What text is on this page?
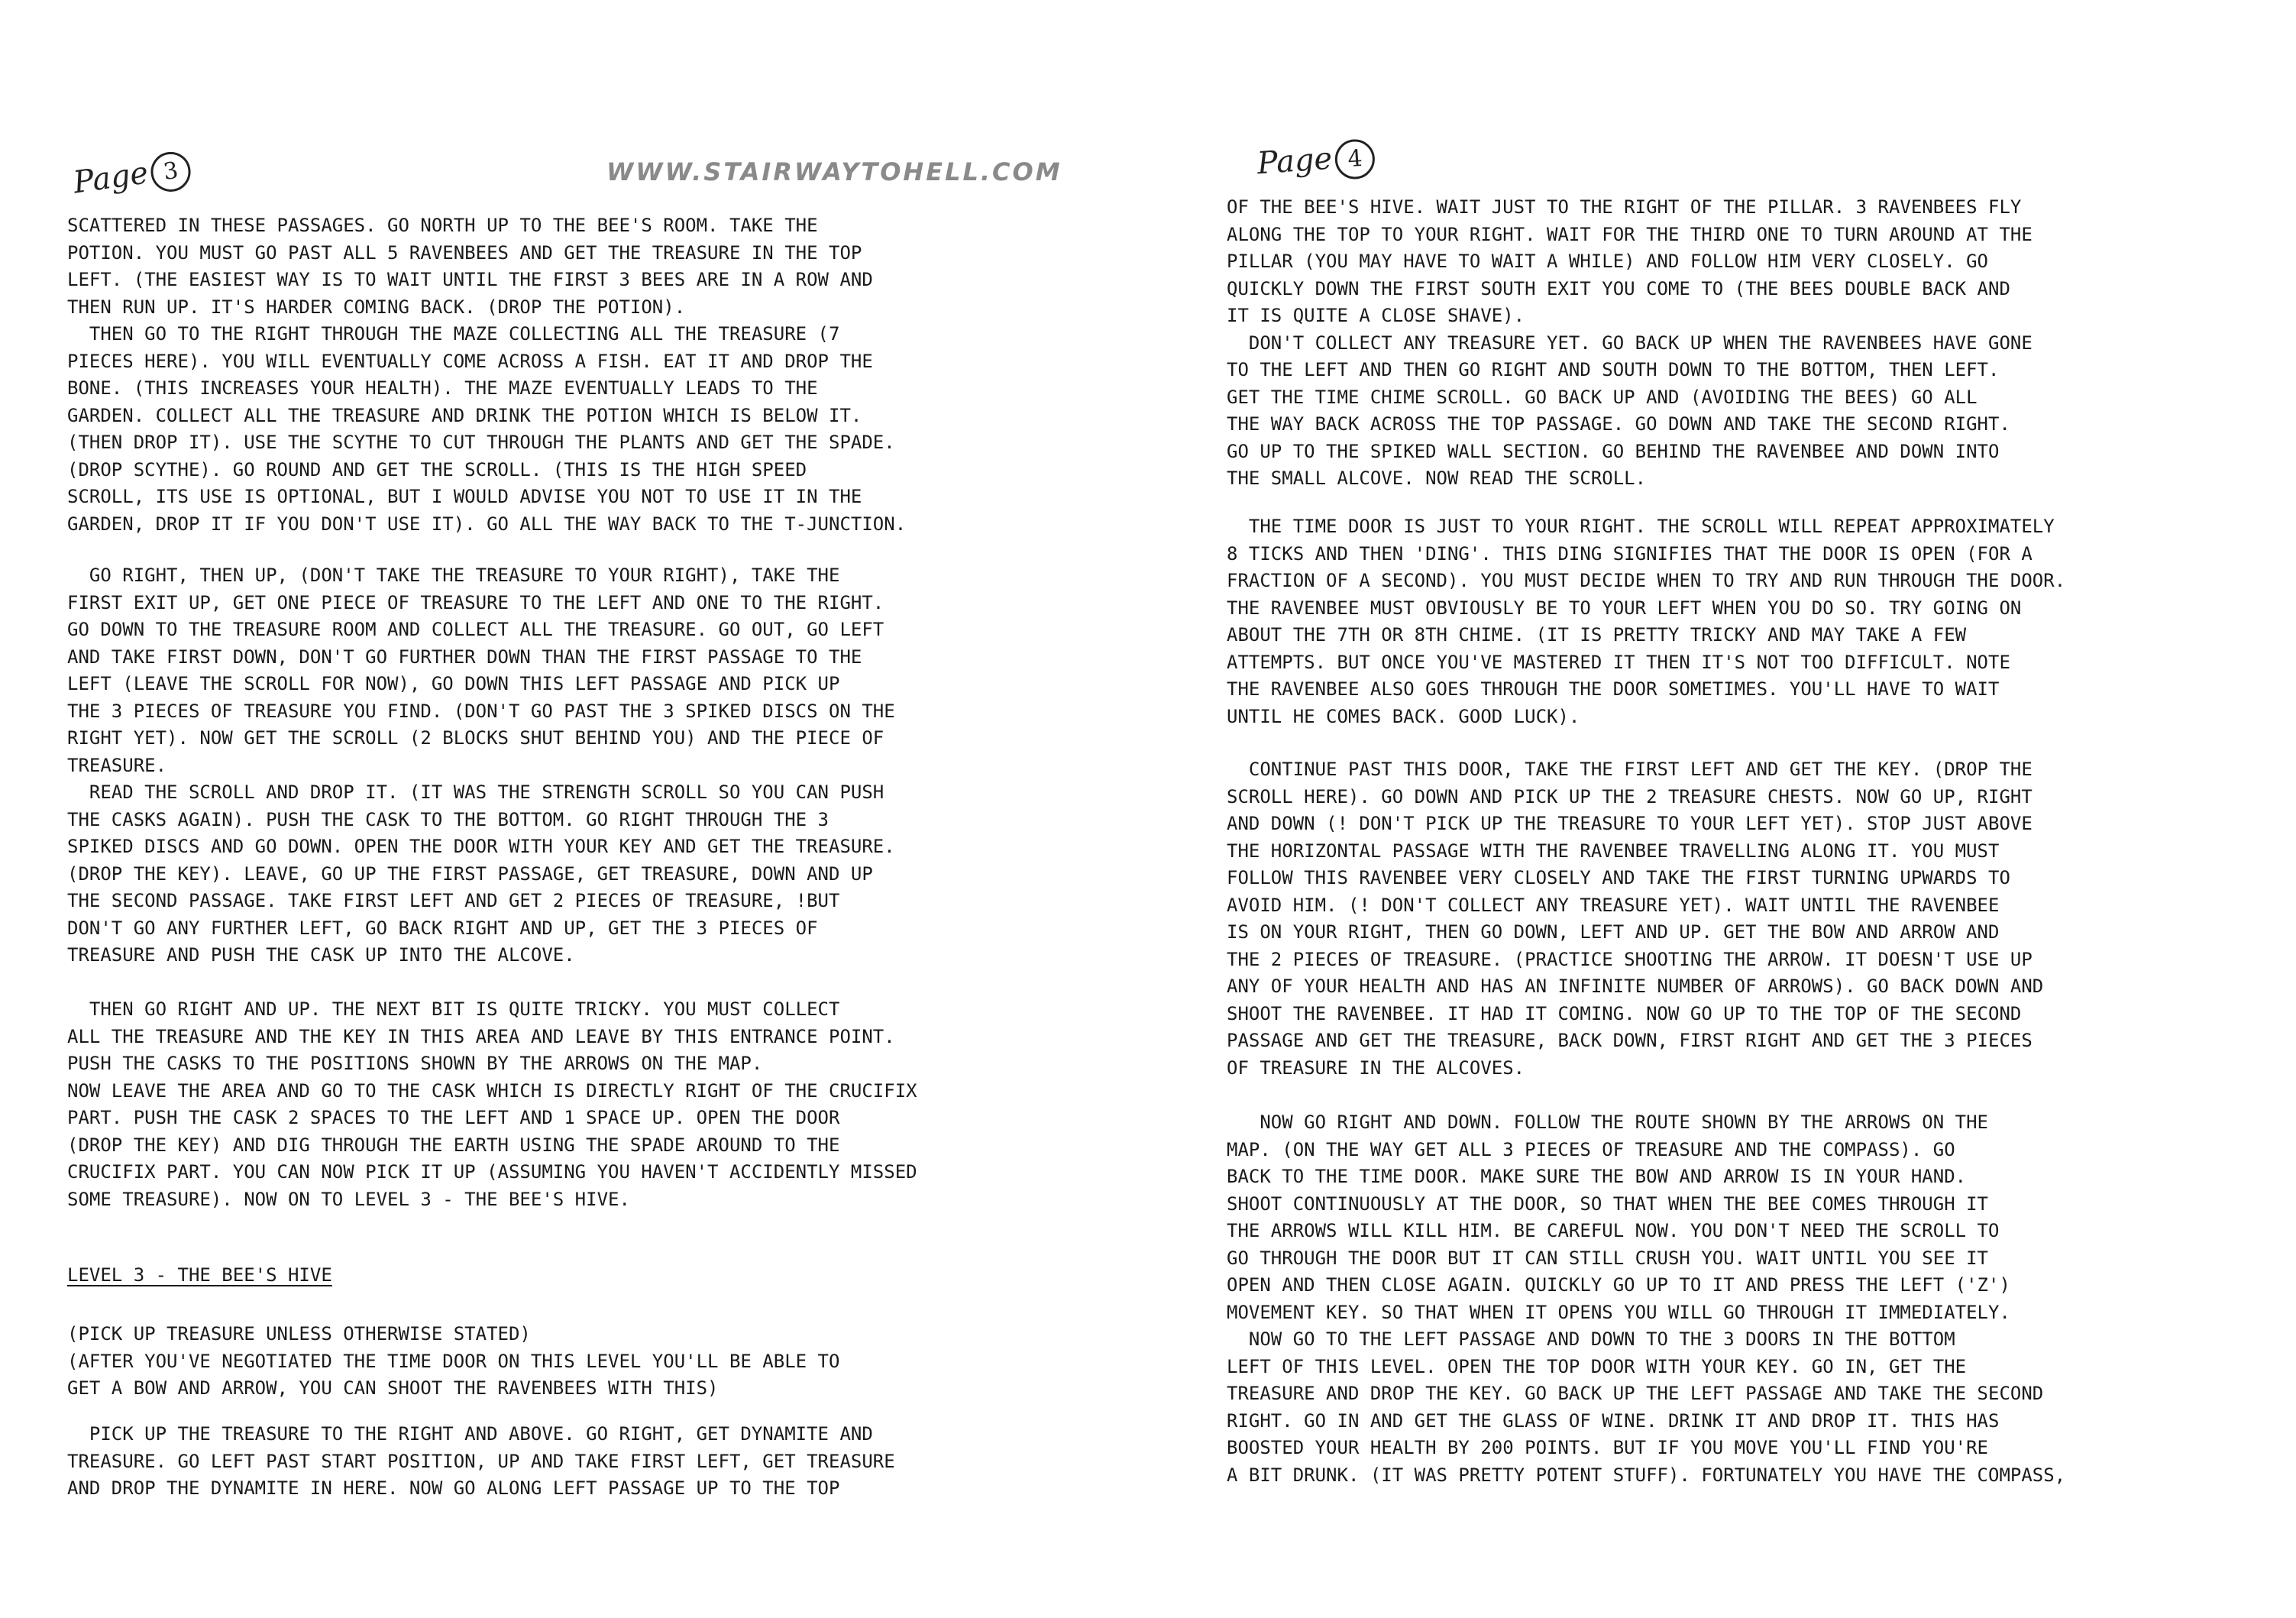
Page 3	WWW.STAIRWAYTOHELL.COM
SCATTERED IN THESE PASSAGES. GO NORTH UP TO THE BEE'S ROOM. TAKE THE
POTION. YOU MUST GO PAST ALL 5 RAVENBEES AND GET THE TREASURE IN THE TOP
LEFT. (THE EASIEST WAY IS TO WAIT UNTIL THE FIRST 3 BEES ARE IN A ROW AND
THEN RUN UP. IT'S HARDER COMING BACK. (DROP THE POTION).
THEN GO TO THE RIGHT THROUGH THE MAZE COLLECTING ALL THE TREASURE (7
PIECES HERE). YOU WILL EVENTUALLY COME ACROSS A FISH. EAT IT AND DROP THE
BONE. (THIS INCREASES YOUR HEALTH). THE MAZE EVENTUALLY LEADS TO THE
GARDEN. COLLECT ALL THE TREASURE AND DRINK THE POTION WHICH IS BELOW IT.
(THEN DROP IT). USE THE SCYTHE TO CUT THROUGH THE PLANTS AND GET THE SPADE.
(DROP SCYTHE). GO ROUND AND GET THE SCROLL. (THIS IS THE HIGH SPEED
SCROLL, ITS USE IS OPTIONAL, BUT I WOULD ADVISE YOU NOT TO USE IT IN THE
GARDEN, DROP IT IF YOU DON'T USE IT). GO ALL THE WAY BACK TO THE T-JUNCTION.
GO RIGHT, THEN UP, (DON'T TAKE THE TREASURE TO YOUR RIGHT), TAKE THE
FIRST EXIT UP, GET ONE PIECE OF TREASURE TO THE LEFT AND ONE TO THE RIGHT.
GO DOWN TO THE TREASURE ROOM AND COLLECT ALL THE TREASURE. GO OUT, GO LEFT
AND TAKE FIRST DOWN, DON'T GO FURTHER DOWN THAN THE FIRST PASSAGE TO THE
LEFT (LEAVE THE SCROLL FOR NOW), GO DOWN THIS LEFT PASSAGE AND PICK UP
THE 3 PIECES OF TREASURE YOU FIND. (DON'T GO PAST THE 3 SPIKED DISCS ON THE
RIGHT YET). NOW GET THE SCROLL (2 BLOCKS SHUT BEHIND YOU) AND THE PIECE OF
TREASURE.
READ THE SCROLL AND DROP IT. (IT WAS THE STRENGTH SCROLL SO YOU CAN PUSH
THE CASKS AGAIN). PUSH THE CASK TO THE BOTTOM. GO RIGHT THROUGH THE 3
SPIKED DISCS AND GO DOWN. OPEN THE DOOR WITH YOUR KEY AND GET THE TREASURE.
(DROP THE KEY). LEAVE, GO UP THE FIRST PASSAGE, GET TREASURE, DOWN AND UP
THE SECOND PASSAGE. TAKE FIRST LEFT AND GET 2 PIECES OF TREASURE, !BUT
DON'T GO ANY FURTHER LEFT, GO BACK RIGHT AND UP, GET THE 3 PIECES OF
TREASURE AND PUSH THE CASK UP INTO THE ALCOVE.
THEN GO RIGHT AND UP. THE NEXT BIT IS QUITE TRICKY. YOU MUST COLLECT
ALL THE TREASURE AND THE KEY IN THIS AREA AND LEAVE BY THIS ENTRANCE POINT.
PUSH THE CASKS TO THE POSITIONS SHOWN BY THE ARROWS ON THE MAP.
NOW LEAVE THE AREA AND GO TO THE CASK WHICH IS DIRECTLY RIGHT OF THE CRUCIFIX
PART. PUSH THE CASK 2 SPACES TO THE LEFT AND 1 SPACE UP. OPEN THE DOOR
(DROP THE KEY) AND DIG THROUGH THE EARTH USING THE SPADE AROUND TO THE
CRUCIFIX PART. YOU CAN NOW PICK IT UP (ASSUMING YOU HAVEN'T ACCIDENTLY MISSED
SOME TREASURE). NOW ON TO LEVEL 3 - THE BEE'S HIVE.
LEVEL 3 - THE BEE'S HIVE
(PICK UP TREASURE UNLESS OTHERWISE STATED)
(AFTER YOU'VE NEGOTIATED THE TIME DOOR ON THIS LEVEL YOU'LL BE ABLE TO
GET A BOW AND ARROW, YOU CAN SHOOT THE RAVENBEES WITH THIS)
PICK UP THE TREASURE TO THE RIGHT AND ABOVE. GO RIGHT, GET DYNAMITE AND
TREASURE. GO LEFT PAST START POSITION, UP AND TAKE FIRST LEFT, GET TREASURE
AND DROP THE DYNAMITE IN HERE. NOW GO ALONG LEFT PASSAGE UP TO THE TOP
Page 4
OF THE BEE'S HIVE. WAIT JUST TO THE RIGHT OF THE PILLAR. 3 RAVENBEES FLY
ALONG THE TOP TO YOUR RIGHT. WAIT FOR THE THIRD ONE TO TURN AROUND AT THE
PILLAR (YOU MAY HAVE TO WAIT A WHILE) AND FOLLOW HIM VERY CLOSELY. GO
QUICKLY DOWN THE FIRST SOUTH EXIT YOU COME TO (THE BEES DOUBLE BACK AND
IT IS QUITE A CLOSE SHAVE).
DON'T COLLECT ANY TREASURE YET. GO BACK UP WHEN THE RAVENBEES HAVE GONE
TO THE LEFT AND THEN GO RIGHT AND SOUTH DOWN TO THE BOTTOM, THEN LEFT.
GET THE TIME CHIME SCROLL. GO BACK UP AND (AVOIDING THE BEES) GO ALL
THE WAY BACK ACROSS THE TOP PASSAGE. GO DOWN AND TAKE THE SECOND RIGHT.
GO UP TO THE SPIKED WALL SECTION. GO BEHIND THE RAVENBEE AND DOWN INTO
THE SMALL ALCOVE. NOW READ THE SCROLL.
THE TIME DOOR IS JUST TO YOUR RIGHT. THE SCROLL WILL REPEAT APPROXIMATELY
8 TICKS AND THEN 'DING'. THIS DING SIGNIFIES THAT THE DOOR IS OPEN (FOR A
FRACTION OF A SECOND). YOU MUST DECIDE WHEN TO TRY AND RUN THROUGH THE DOOR.
THE RAVENBEE MUST OBVIOUSLY BE TO YOUR LEFT WHEN YOU DO SO. TRY GOING ON
ABOUT THE 7TH OR 8TH CHIME. (IT IS PRETTY TRICKY AND MAY TAKE A FEW
ATTEMPTS. BUT ONCE YOU'VE MASTERED IT THEN IT'S NOT TOO DIFFICULT. NOTE
THE RAVENBEE ALSO GOES THROUGH THE DOOR SOMETIMES. YOU'LL HAVE TO WAIT
UNTIL HE COMES BACK. GOOD LUCK).
CONTINUE PAST THIS DOOR, TAKE THE FIRST LEFT AND GET THE KEY. (DROP THE
SCROLL HERE). GO DOWN AND PICK UP THE 2 TREASURE CHESTS. NOW GO UP, RIGHT
AND DOWN (! DON'T PICK UP THE TREASURE TO YOUR LEFT YET). STOP JUST ABOVE
THE HORIZONTAL PASSAGE WITH THE RAVENBEE TRAVELLING ALONG IT. YOU MUST
FOLLOW THIS RAVENBEE VERY CLOSELY AND TAKE THE FIRST TURNING UPWARDS TO
AVOID HIM. (! DON'T COLLECT ANY TREASURE YET). WAIT UNTIL THE RAVENBEE
IS ON YOUR RIGHT, THEN GO DOWN, LEFT AND UP. GET THE BOW AND ARROW AND
THE 2 PIECES OF TREASURE. (PRACTICE SHOOTING THE ARROW. IT DOESN'T USE UP
ANY OF YOUR HEALTH AND HAS AN INFINITE NUMBER OF ARROWS). GO BACK DOWN AND
SHOOT THE RAVENBEE. IT HAD IT COMING. NOW GO UP TO THE TOP OF THE SECOND
PASSAGE AND GET THE TREASURE, BACK DOWN, FIRST RIGHT AND GET THE 3 PIECES
OF TREASURE IN THE ALCOVES.
NOW GO RIGHT AND DOWN. FOLLOW THE ROUTE SHOWN BY THE ARROWS ON THE
MAP. (ON THE WAY GET ALL 3 PIECES OF TREASURE AND THE COMPASS). GO
BACK TO THE TIME DOOR. MAKE SURE THE BOW AND ARROW IS IN YOUR HAND.
SHOOT CONTINUOUSLY AT THE DOOR, SO THAT WHEN THE BEE COMES THROUGH IT
THE ARROWS WILL KILL HIM. BE CAREFUL NOW. YOU DON'T NEED THE SCROLL TO
GO THROUGH THE DOOR BUT IT CAN STILL CRUSH YOU. WAIT UNTIL YOU SEE IT
OPEN AND THEN CLOSE AGAIN. QUICKLY GO UP TO IT AND PRESS THE LEFT ('Z')
MOVEMENT KEY. SO THAT WHEN IT OPENS YOU WILL GO THROUGH IT IMMEDIATELY.
NOW GO TO THE LEFT PASSAGE AND DOWN TO THE 3 DOORS IN THE BOTTOM
LEFT OF THIS LEVEL. OPEN THE TOP DOOR WITH YOUR KEY. GO IN, GET THE
TREASURE AND DROP THE KEY. GO BACK UP THE LEFT PASSAGE AND TAKE THE SECOND
RIGHT. GO IN AND GET THE GLASS OF WINE. DRINK IT AND DROP IT. THIS HAS
BOOSTED YOUR HEALTH BY 200 POINTS. BUT IF YOU MOVE YOU'LL FIND YOU'RE
A BIT DRUNK. (IT WAS PRETTY POTENT STUFF). FORTUNATELY YOU HAVE THE COMPASS,
